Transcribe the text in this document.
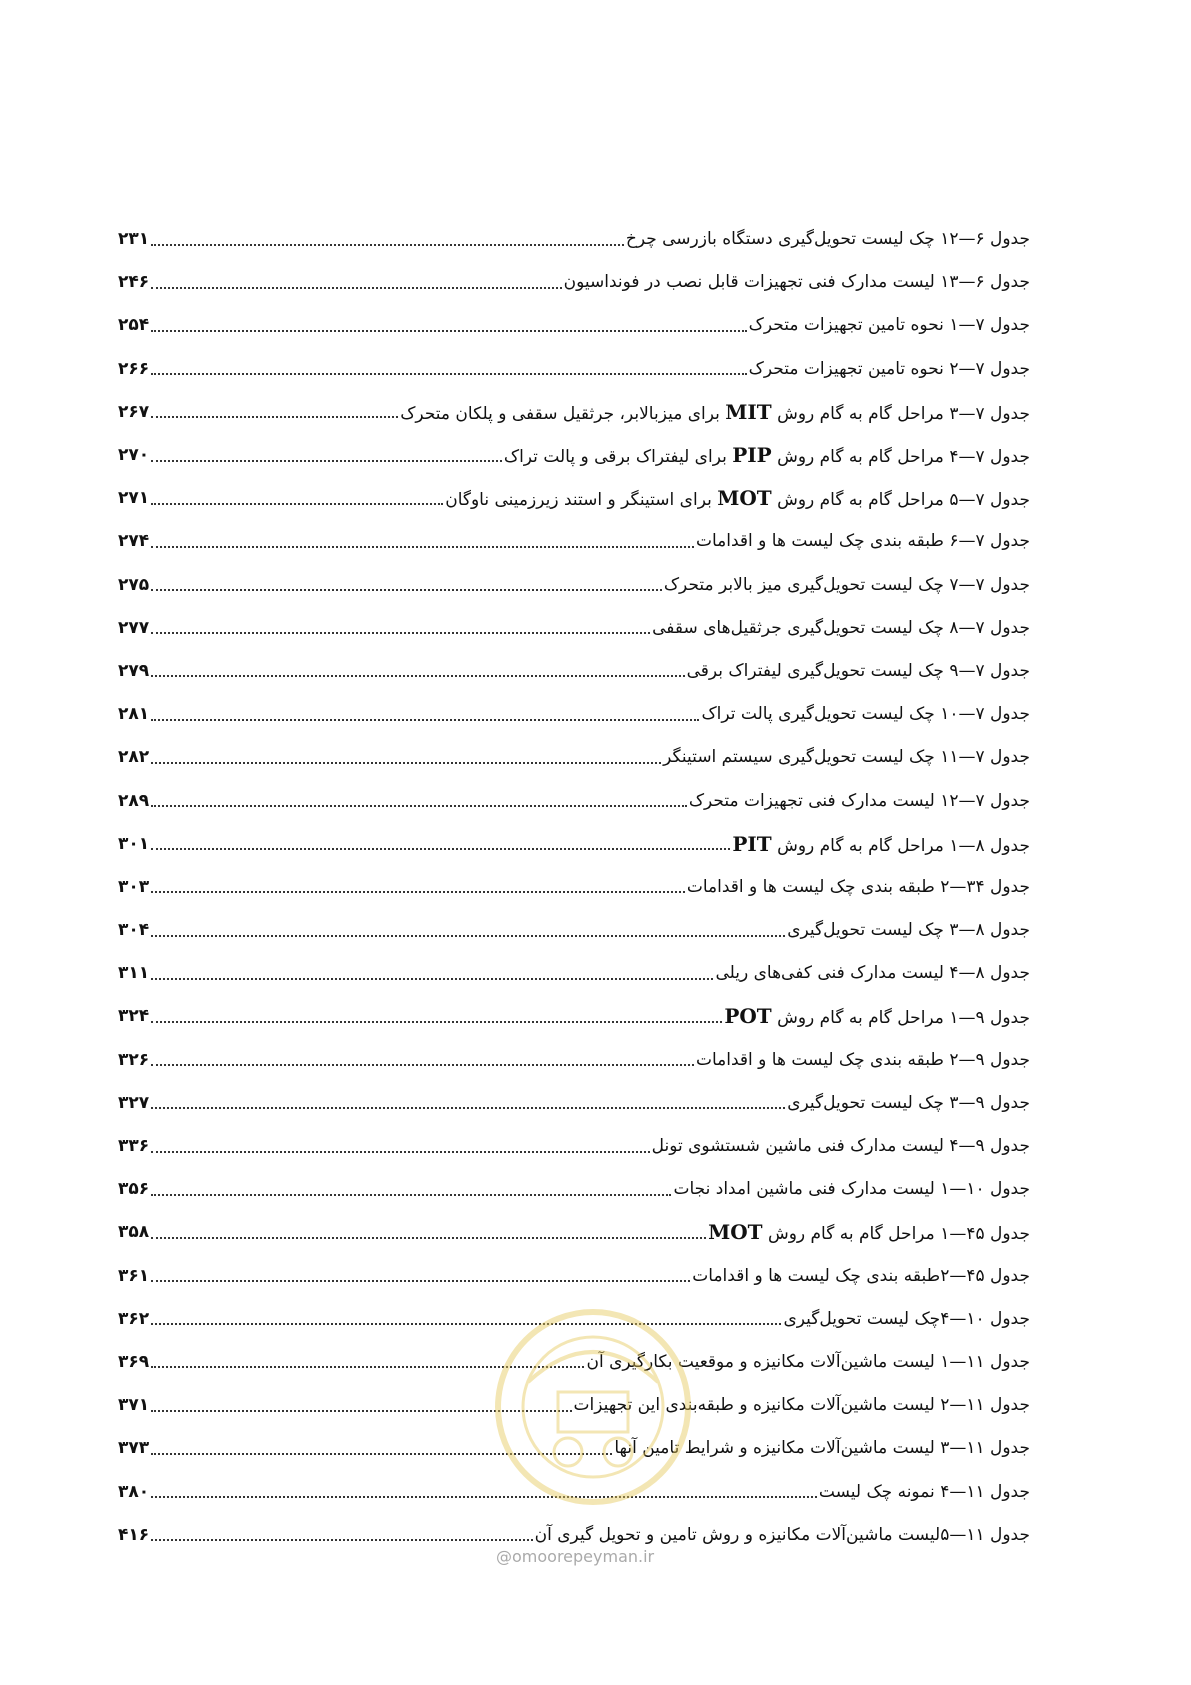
جدول ۶—۱۲ چک لیست تحویل‌گیری دستگاه بازرسی چرخ
۲۳۱
جدول ۶—۱۳ لیست مدارک فنی تجهیزات قابل نصب در فونداسیون
۲۴۶
جدول ۷—۱ نحوه تامین تجهیزات متحرک
۲۵۴
جدول ۷—۲ نحوه تامین تجهیزات متحرک
۲۶۶
جدول ۷—۳ مراحل گام به گام روش MIT برای میزبالابر، جرثقیل سقفی و پلکان متحرک
۲۶۷
جدول ۷—۴ مراحل گام به گام روش PIP برای لیفتراک برقی و پالت تراک
۲۷۰
جدول ۷—۵ مراحل گام به گام روش MOT برای استینگر و استند زیرزمینی ناوگان
۲۷۱
جدول ۷—۶ طبقه بندی چک لیست ها و اقدامات
۲۷۴
جدول ۷—۷ چک لیست تحویل‌گیری میز بالابر متحرک
۲۷۵
جدول ۷—۸ چک لیست تحویل‌گیری جرثقیل‌های سقفی
۲۷۷
جدول ۷—۹ چک لیست تحویل‌گیری لیفتراک برقی
۲۷۹
جدول ۷—۱۰ چک لیست تحویل‌گیری پالت تراک
۲۸۱
جدول ۷—۱۱ چک لیست تحویل‌گیری سیستم استینگر
۲۸۲
جدول ۷—۱۲ لیست مدارک فنی تجهیزات متحرک
۲۸۹
جدول ۸—۱ مراحل گام به گام روش PIT
۳۰۱
جدول ۳۴—۲ طبقه بندی چک لیست ها و اقدامات
۳۰۳
جدول ۸—۳ چک لیست تحویل‌گیری
۳۰۴
جدول ۸—۴ لیست مدارک فنی کفی‌های ریلی
۳۱۱
جدول ۹—۱ مراحل گام به گام روش POT
۳۲۴
جدول ۹—۲ طبقه بندی چک لیست ها و اقدامات
۳۲۶
جدول ۹—۳ چک لیست تحویل‌گیری
۳۲۷
جدول ۹—۴ لیست مدارک فنی ماشین شستشوی تونل
۳۳۶
جدول ۱۰—۱ لیست مدارک فنی ماشین امداد نجات
۳۵۶
جدول ۴۵—۱ مراحل گام به گام روش MOT
۳۵۸
جدول ۴۵—۲طبقه بندی چک لیست ها و اقدامات
۳۶۱
جدول ۱۰—۴چک لیست تحویل‌گیری
۳۶۲
جدول ۱۱—۱ لیست ماشین‌آلات مکانیزه و موقعیت بکارگیری آن
۳۶۹
جدول ۱۱—۲ لیست ماشین‌آلات مکانیزه و طبقه‌بندی این تجهیزات
۳۷۱
جدول ۱۱—۳ لیست ماشین‌آلات مکانیزه و شرایط تامین آنها
۳۷۳
جدول ۱۱—۴ نمونه چک لیست
۳۸۰
جدول ۱۱—۵لیست ماشین‌آلات مکانیزه و روش تامین و تحویل گیری آن
۴۱۶
@omoorepeyman.ir
